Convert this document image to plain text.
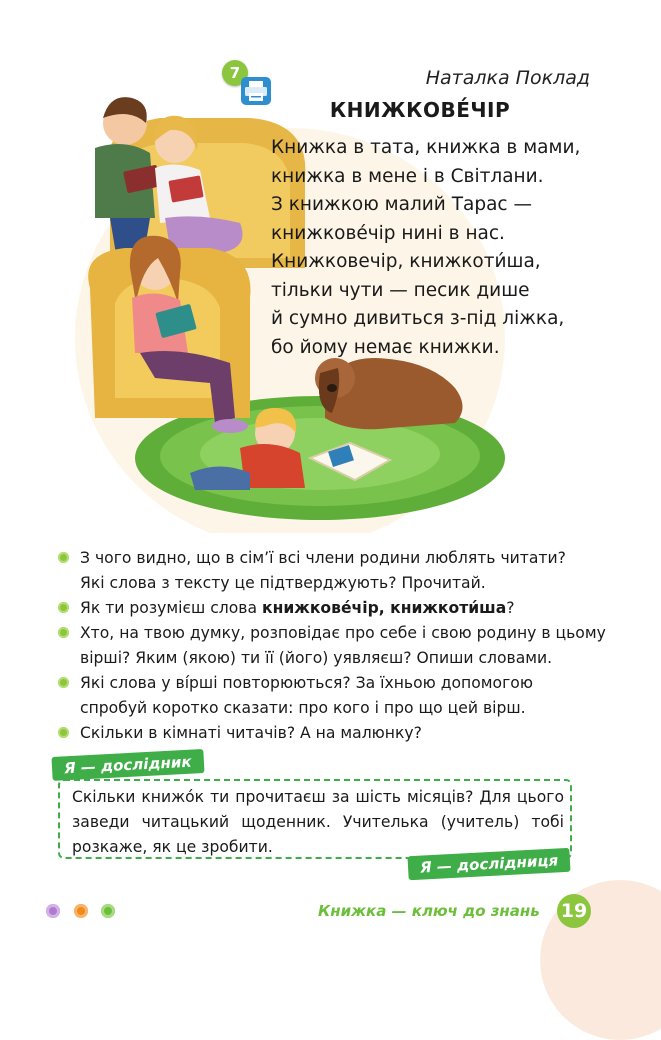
7	Наталка Поклад
КНИЖКОВЕ́ЧІР
Книжка в тата, книжка в мами,
книжка в мене і в Світлани.
З книжкою малий Тарас —
книжкове́чір нині в нас.
Книжковечір, книжкоти́ша,
тільки чути — песик дише
й сумно дивиться з-під ліжка,
бо йому немає книжки.
З чого видно, що в сім’ї всі члени родини люблять читати?
Які слова з тексту це підтверджують? Прочитай.
Як ти розумієш слова книжкове́чір, книжкоти́ша?
Хто, на твою думку, розповідає про себе і свою родину в цьому
вірші? Яким (якою) ти її (його) уявляєш? Опиши словами.
Які слова у ві́рші повторюються? За їхньою допомогою
спробуй коротко сказати: про кого і про що цей вірш.
Скільки в кімнаті читачів? А на малюнку?
Скільки книжо́к ти прочитаєш за шість місяців? Для цього заведи читацький щоденник. Учителька (учитель) тобі розкаже, як це зробити.
Я — дослідник
Я — дослідниця
Книжка — ключ до знань 19
